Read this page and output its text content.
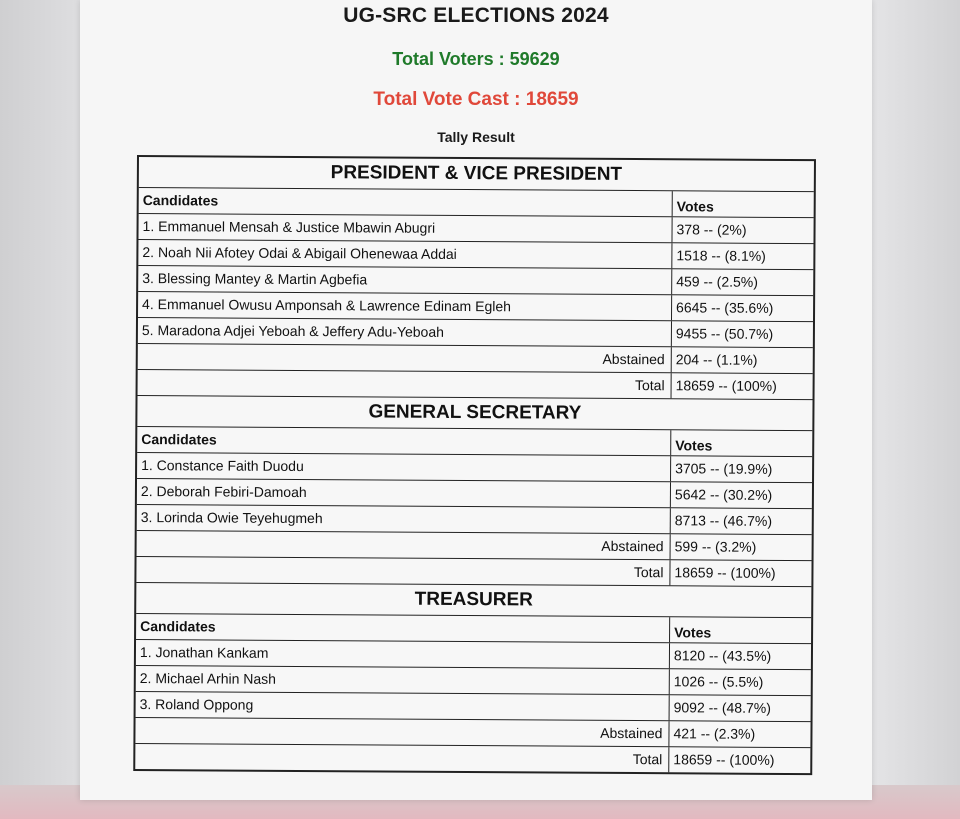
UG-SRC ELECTIONS 2024
Total Voters : 59629
Total Vote Cast : 18659
Tally Result
PRESIDENT & VICE PRESIDENT
Candidates	Votes
1. Emmanuel Mensah & Justice Mbawin Abugri	378 -- (2%)
2. Noah Nii Afotey Odai & Abigail Ohenewaa Addai	1518 -- (8.1%)
3. Blessing Mantey & Martin Agbefia	459 -- (2.5%)
4. Emmanuel Owusu Amponsah & Lawrence Edinam Egleh	6645 -- (35.6%)
5. Maradona Adjei Yeboah & Jeffery Adu-Yeboah	9455 -- (50.7%)
Abstained 204 -- (1.1%)
Total 18659 -- (100%)
GENERAL SECRETARY
Candidates	Votes
1. Constance Faith Duodu	3705 -- (19.9%)
2. Deborah Febiri-Damoah	5642 -- (30.2%)
3. Lorinda Owie Teyehugmeh	8713 -- (46.7%)
Abstained 599 -- (3.2%)
Total 18659 -- (100%)
TREASURER
Candidates	Votes
1. Jonathan Kankam	8120 -- (43.5%)
2. Michael Arhin Nash	1026 -- (5.5%)
3. Roland Oppong	9092 -- (48.7%)
Abstained 421 -- (2.3%)
Total 18659 -- (100%)
